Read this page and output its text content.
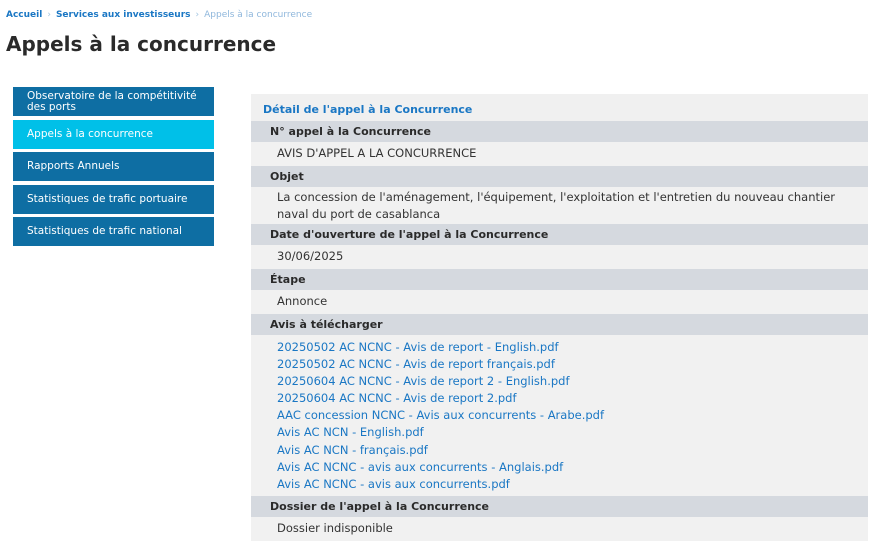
Accueil › Services aux investisseurs › Appels à la concurrence
Appels à la concurrence
Observatoire de la compétitivité des ports
Appels à la concurrence
Rapports Annuels
Statistiques de trafic portuaire
Statistiques de trafic national
Détail de l'appel à la Concurrence
N° appel à la Concurrence
AVIS D'APPEL A LA CONCURRENCE
Objet
La concession de l'aménagement, l'équipement, l'exploitation et l'entretien du nouveau chantier naval du port de casablanca
Date d'ouverture de l'appel à la Concurrence
30/06/2025
Étape
Annonce
Avis à télécharger
20250502 AC NCNC - Avis de report - English.pdf
20250502 AC NCNC - Avis de report français.pdf
20250604 AC NCNC - Avis de report 2 - English.pdf
20250604 AC NCNC - Avis de report 2.pdf
AAC concession NCNC - Avis aux concurrents - Arabe.pdf
Avis AC NCN - English.pdf
Avis AC NCN - français.pdf
Avis AC NCNC - avis aux concurrents - Anglais.pdf
Avis AC NCNC - avis aux concurrents.pdf
Dossier de l'appel à la Concurrence
Dossier indisponible
